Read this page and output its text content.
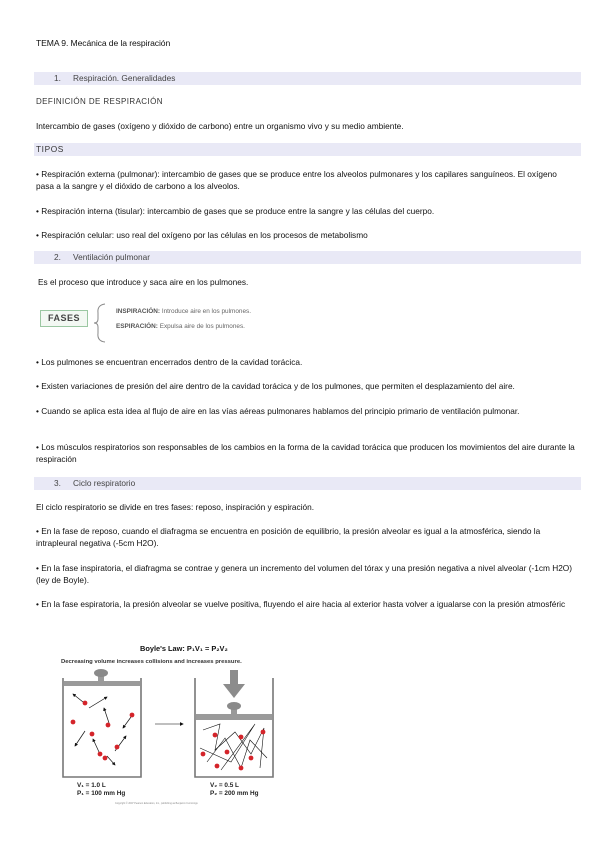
TEMA 9. Mecánica de la respiración
1. Respiración. Generalidades
DEFINICIÓN DE RESPIRACIÓN
Intercambio de gases (oxígeno y dióxido de carbono) entre un organismo vivo y su medio ambiente.
TIPOS
• Respiración externa (pulmonar): intercambio de gases que se produce entre los alveolos pulmonares y los capilares sanguíneos. El oxígeno pasa a la sangre y el dióxido de carbono a los alveolos.
• Respiración interna (tisular): intercambio de gases que se produce entre la sangre y las células del cuerpo.
• Respiración celular: uso real del oxígeno por las células en los procesos de metabolismo
2. Ventilación pulmonar
Es el proceso que introduce y saca aire en los pulmones.
FASES
INSPIRACIÓN: Introduce aire en los pulmones.
ESPIRACIÓN: Expulsa aire de los pulmones.
• Los pulmones se encuentran encerrados dentro de la cavidad torácica.
• Existen variaciones de presión del aire dentro de la cavidad torácica y de los pulmones, que permiten el desplazamiento del aire.
• Cuando se aplica esta idea al flujo de aire en las vías aéreas pulmonares hablamos del principio primario de ventilación pulmonar.
• Los músculos respiratorios son responsables de los cambios en la forma de la cavidad torácica que producen los movimientos del aire durante la respiración
3. Ciclo respiratorio
El ciclo respiratorio se divide en tres fases: reposo, inspiración y espiración.
• En la fase de reposo, cuando el diafragma se encuentra en posición de equilibrio, la presión alveolar es igual a la atmosférica, siendo la intrapleural negativa (-5cm H2O).
• En la fase inspiratoria, el diafragma se contrae y genera un incremento del volumen del tórax y una presión negativa a nivel alveolar (-1cm H2O)(ley de Boyle).
• En la fase espiratoria, la presión alveolar se vuelve positiva, fluyendo el aire hacia al exterior hasta volver a igualarse con la presión atmosféric
Boyle's Law: P₁V₁ = P₂V₂
Decreasing volume increases collisions and increases pressure.
V₁ = 1.0 L
P₁ = 100 mm Hg
V₂ = 0.5 L
P₂ = 200 mm Hg
Copyright © 2007 Pearson Education, Inc., publishing as Benjamin Cummings
